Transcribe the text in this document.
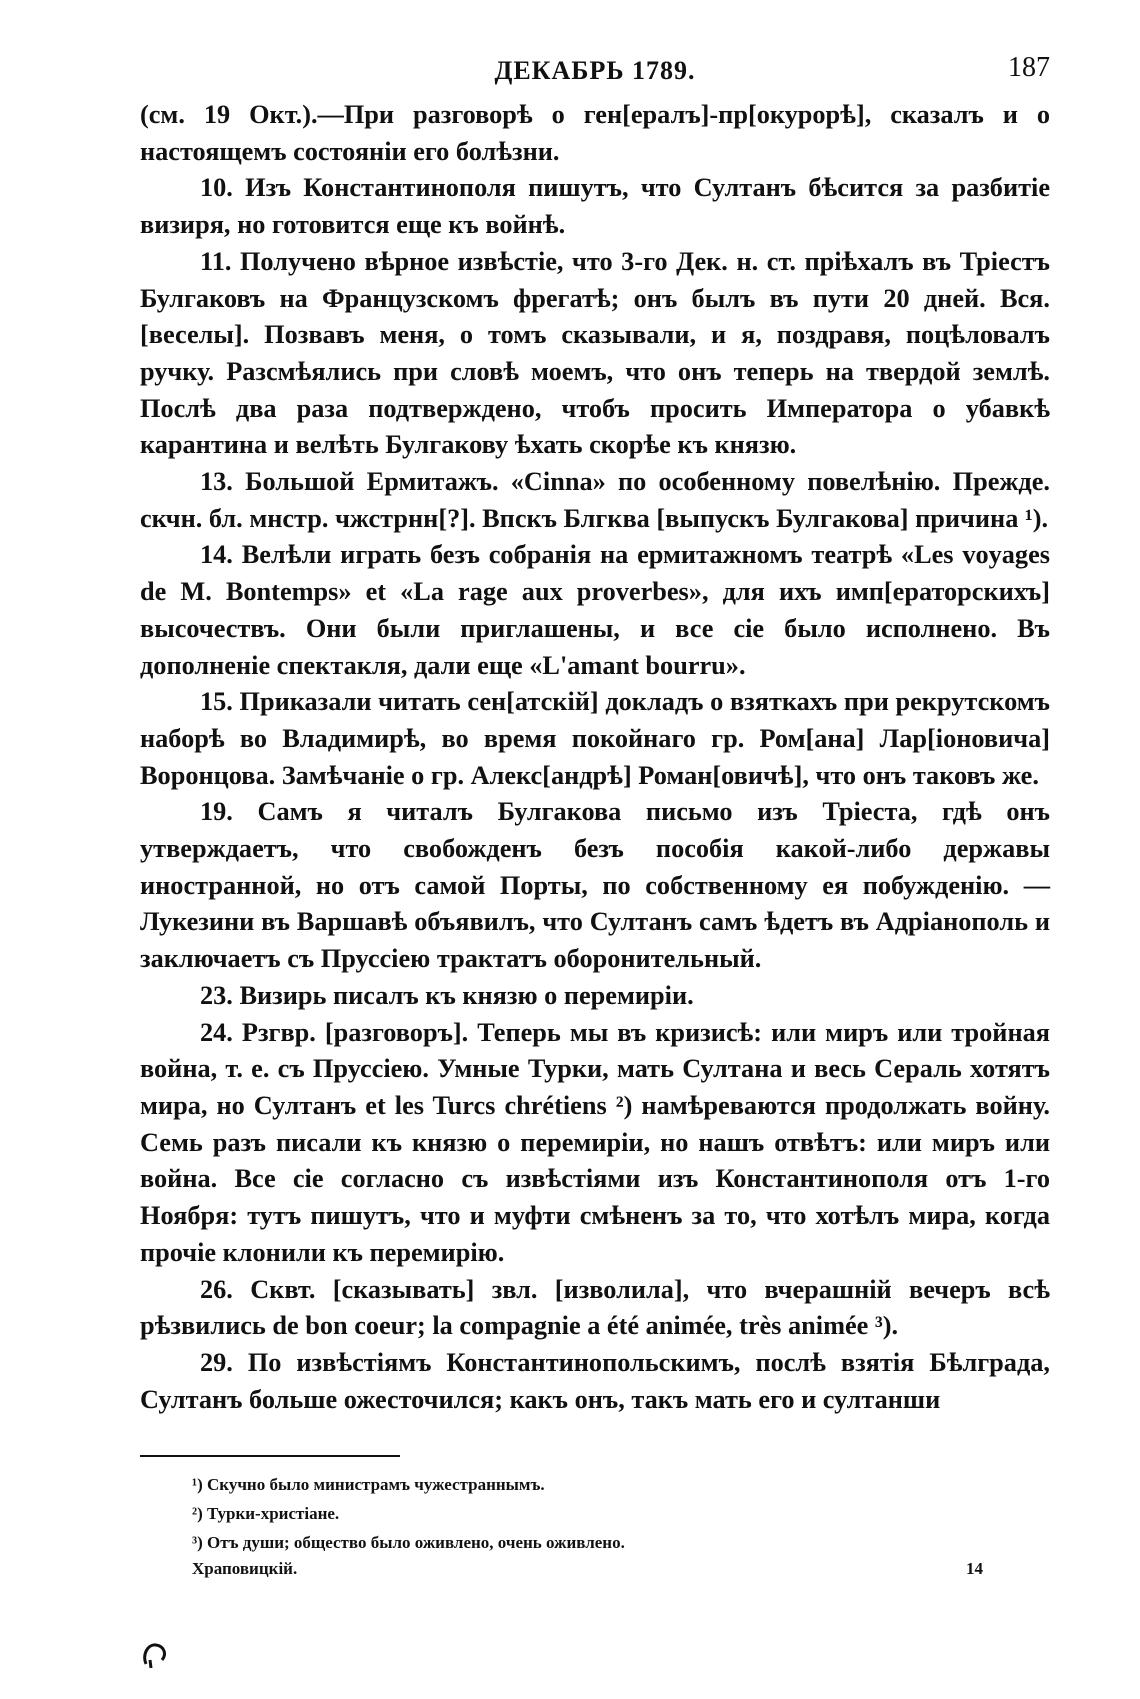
ДЕКАБРЬ 1789.	187

(см. 19 Окт.).—При разговорѣ о ген[ералъ]-пр[окурорѣ], сказалъ и о настоящемъ состояніи его болѣзни.

10. Изъ Константинополя пишутъ, что Султанъ бѣсится за разбитіе визиря, но готовится еще къ войнѣ.

11. Получено вѣрное извѣстіе, что 3-го Дек. н. ст. пріѣхалъ въ Тріестъ Булгаковъ на Французскомъ фрегатѣ; онъ былъ въ пути 20 дней. Вся. [веселы]. Позвавъ меня, о томъ сказывали, и я, поздравя, поцѣловалъ ручку. Разсмѣялись при словѣ моемъ, что онъ теперь на твердой землѣ. Послѣ два раза подтверждено, чтобъ просить Императора о убавкѣ карантина и велѣть Булгакову ѣхать скорѣе къ князю.

13. Большой Ермитажъ. «Cinna» по особенному повелѣнію. Прежде. скчн. бл. мнстр. чжстрнн[?]. Впскъ Блгква [выпускъ Булгакова] причина ¹).

14. Велѣли играть безъ собранія на ермитажномъ театрѣ «Les voyages de M. Bontemps» et «La rage aux proverbes», для ихъ имп[ераторскихъ] высочествъ. Они были приглашены, и все сіе было исполнено. Въ дополненіе спектакля, дали еще «L'amant bourru».

15. Приказали читать сен[атскій] докладъ о взяткахъ при рекрутскомъ наборѣ во Владимирѣ, во время покойнаго гр. Ром[ана] Лар[іоновича] Воронцова. Замѣчаніе о гр. Алекс[андрѣ] Роман[овичѣ], что онъ таковъ же.

19. Самъ я читалъ Булгакова письмо изъ Тріеста, гдѣ онъ утверждаетъ, что свобожденъ безъ пособія какой-либо державы иностранной, но отъ самой Порты, по собственному ея побужденію. — Лукезини въ Варшавѣ объявилъ, что Султанъ самъ ѣдетъ въ Адріанополь и заключаетъ съ Пруссіею трактатъ оборонительный.

23. Визирь писалъ къ князю о перемиріи.

24. Рзгвр. [разговоръ]. Теперь мы въ кризисѣ: или миръ или тройная война, т. е. съ Пруссіею. Умные Турки, мать Султана и весь Сераль хотятъ мира, но Султанъ et les Turcs chrétiens ²) намѣреваются продолжать войну. Семь разъ писали къ князю о перемиріи, но нашъ отвѣтъ: или миръ или война. Все сіе согласно съ извѣстіями изъ Константинополя отъ 1-го Ноября: тутъ пишутъ, что и муфти смѣненъ за то, что хотѣлъ мира, когда прочіе клонили къ перемирію.

26. Сквт. [сказывать] звл. [изволила], что вчерашній вечеръ всѣ рѣзвились de bon coeur; la compagnie a été animée, très animée ³).

29. По извѣстіямъ Константинопольскимъ, послѣ взятія Бѣлграда, Султанъ больше ожесточился; какъ онъ, такъ мать его и султанши

¹) Скучно было министрамъ чужестраннымъ.
²) Турки-христіане.
³) Отъ души; общество было оживлено, очень оживлено.
Храповицкій.	14
